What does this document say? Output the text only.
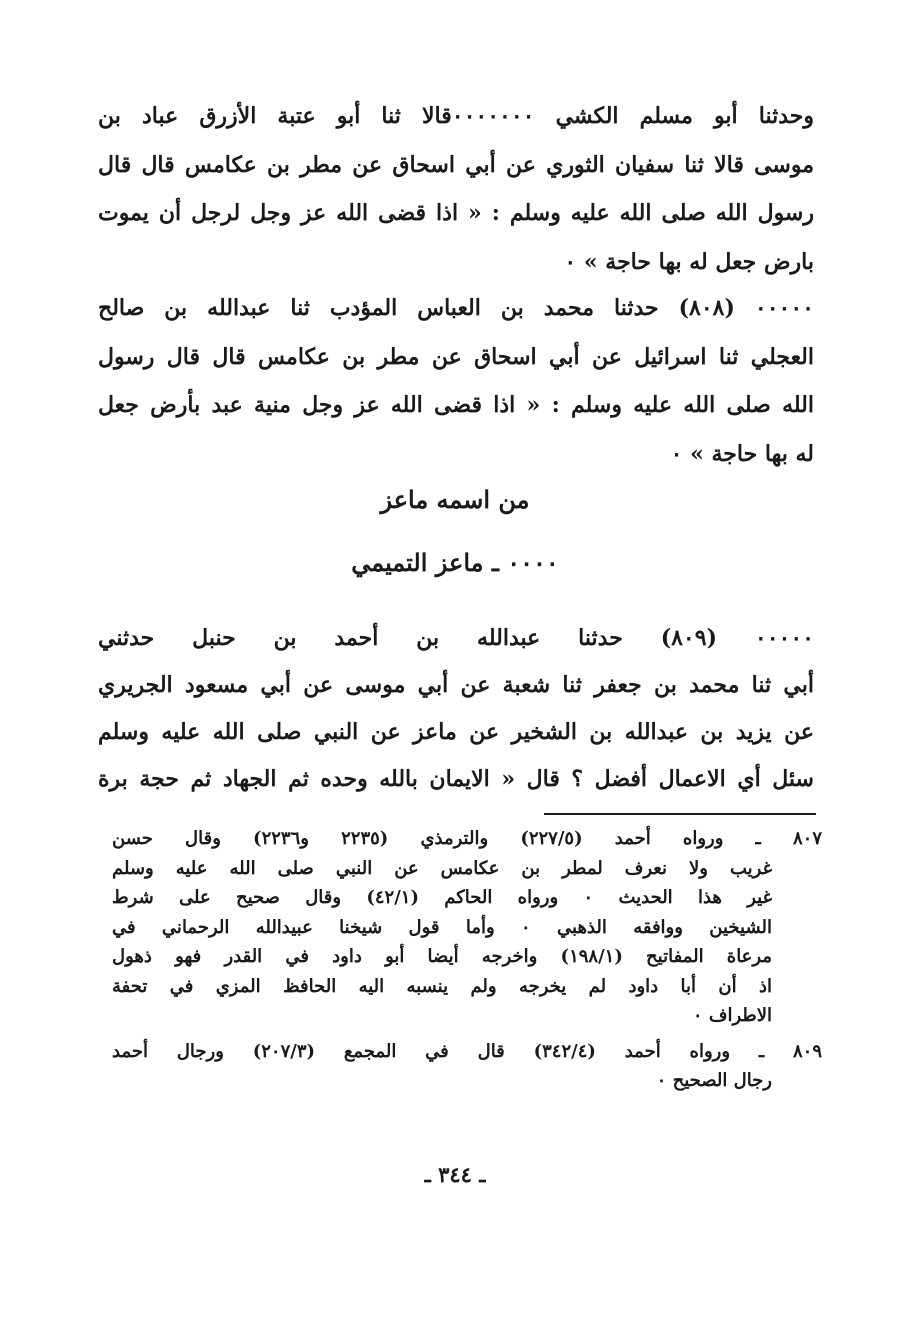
وحدثنا أبو مسلم الكشي ٠٠٠٠٠٠٠قالا ثنا أبو عتبة الأزرق عباد بن
موسى قالا ثنا سفيان الثوري عن أبي اسحاق عن مطر بن عكامس قال قال
رسول الله صلى الله عليه وسلم : « اذا قضى الله عز وجل لرجل أن يموت
بارض جعل له بها حاجة » ٠
٠٠٠٠٠ (٨٠٨) حدثنا محمد بن العباس المؤدب ثنا عبدالله بن صالح
العجلي ثنا اسرائيل عن أبي اسحاق عن مطر بن عكامس قال قال رسول
الله صلى الله عليه وسلم : « اذا قضى الله عز وجل منية عبد بأرض جعل
له بها حاجة » ٠
من اسمه ماعز
٠٠٠٠ ـ ماعز التميمي
٠٠٠٠٠ (٨٠٩) حدثنا عبدالله بن أحمد بن حنبل حدثني
أبي ثنا محمد بن جعفر ثنا شعبة عن أبي موسى عن أبي مسعود الجريري
عن يزيد بن عبدالله بن الشخير عن ماعز عن النبي صلى الله عليه وسلم
سئل أي الاعمال أفضل ؟ قال « الايمان بالله وحده ثم الجهاد ثم حجة برة
٨٠٧ ـ ورواه أحمد (٢٢٧/٥) والترمذي (٢٢٣٥ و٢٢٣٦) وقال حسن
غريب ولا نعرف لمطر بن عكامس عن النبي صلى الله عليه وسلم
غير هذا الحديث ٠ ورواه الحاكم (٤٢/١) وقال صحيح على شرط
الشيخين ووافقه الذهبي ٠ وأما قول شيخنا عبيدالله الرحماني في
مرعاة المفاتيح (١٩٨/١) واخرجه أيضا أبو داود في القدر فهو ذهول
اذ أن أبا داود لم يخرجه ولم ينسبه اليه الحافظ المزي في تحفة
الاطراف ٠
٨٠٩ ـ ورواه أحمد (٣٤٢/٤) قال في المجمع (٢٠٧/٣) ورجال أحمد
رجال الصحيح ٠
ـ ٣٤٤ ـ
